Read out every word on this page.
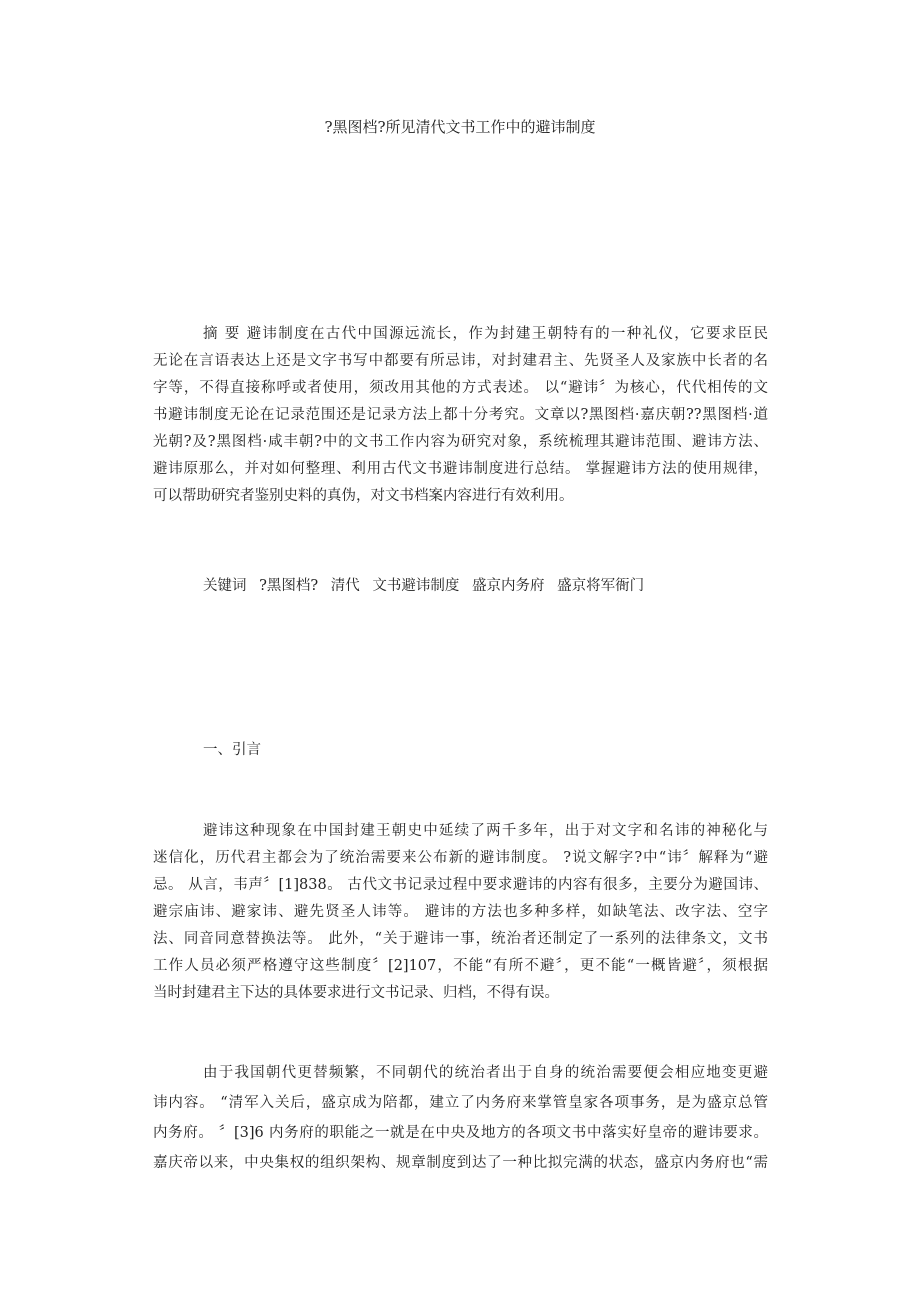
?黑图档?所见清代文书工作中的避讳制度
摘 要 避讳制度在古代中国源远流长，作为封建王朝特有的一种礼仪，它要求臣民
无论在言语表达上还是文字书写中都要有所忌讳，对封建君主、先贤圣人及家族中长者的名
字等，不得直接称呼或者使用，须改用其他的方式表述。 以“避讳〞为核心，代代相传的文
书避讳制度无论在记录范围还是记录方法上都十分考究。文章以?黑图档·嘉庆朝??黑图档·道
光朝?及?黑图档·咸丰朝?中的文书工作内容为研究对象，系统梳理其避讳范围、避讳方法、
避讳原那么，并对如何整理、利用古代文书避讳制度进行总结。 掌握避讳方法的使用规律，
可以帮助研究者鉴别史料的真伪，对文书档案内容进行有效利用。
关键词 ?黑图档? 清代 文书避讳制度 盛京内务府 盛京将军衙门
一、引言
避讳这种现象在中国封建王朝史中延续了两千多年，出于对文字和名讳的神秘化与
迷信化，历代君主都会为了统治需要来公布新的避讳制度。 ?说文解字?中“讳〞解释为“避
忌。 从言，韦声〞[1]838。 古代文书记录过程中要求避讳的内容有很多，主要分为避国讳、
避宗庙讳、避家讳、避先贤圣人讳等。 避讳的方法也多种多样，如缺笔法、改字法、空字
法、同音同意替换法等。 此外，“关于避讳一事，统治者还制定了一系列的法律条文，文书
工作人员必须严格遵守这些制度〞[2]107，不能“有所不避〞，更不能“一概皆避〞，须根据
当时封建君主下达的具体要求进行文书记录、归档，不得有误。
由于我国朝代更替频繁，不同朝代的统治者出于自身的统治需要便会相应地变更避
讳内容。 “清军入关后，盛京成为陪都，建立了内务府来掌管皇家各项事务，是为盛京总管
内务府。 〞[3]6 内务府的职能之一就是在中央及地方的各项文书中落实好皇帝的避讳要求。
嘉庆帝以来，中央集权的组织架构、规章制度到达了一种比拟完满的状态，盛京内务府也“需
